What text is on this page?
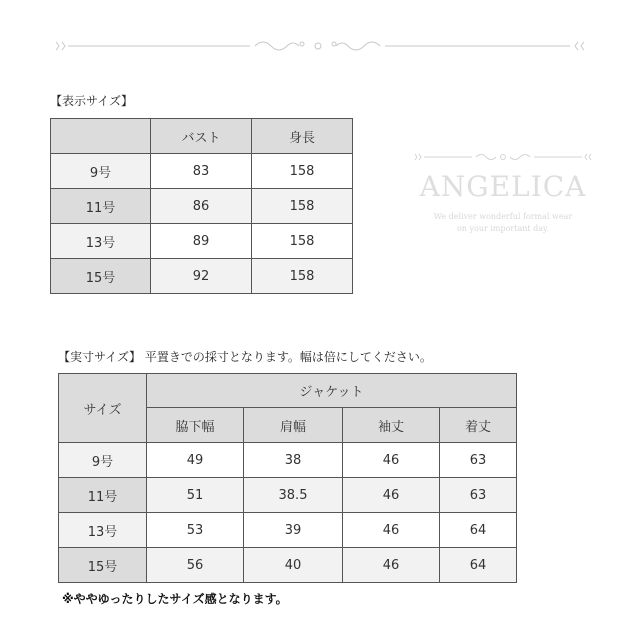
【表示サイズ】
	バスト	身長
9号	83	158
11号	86	158
13号	89	158
15号	92	158
ANGELICA
We deliver wonderful formal wear
on your important day.
【実寸サイズ】 平置きでの採寸となります。幅は倍にしてください。
サイズ	ジャケット			
	脇下幅	肩幅	袖丈	着丈
9号	49	38	46	63
11号	51	38.5	46	63
13号	53	39	46	64
15号	56	40	46	64
※ややゆったりしたサイズ感となります。
